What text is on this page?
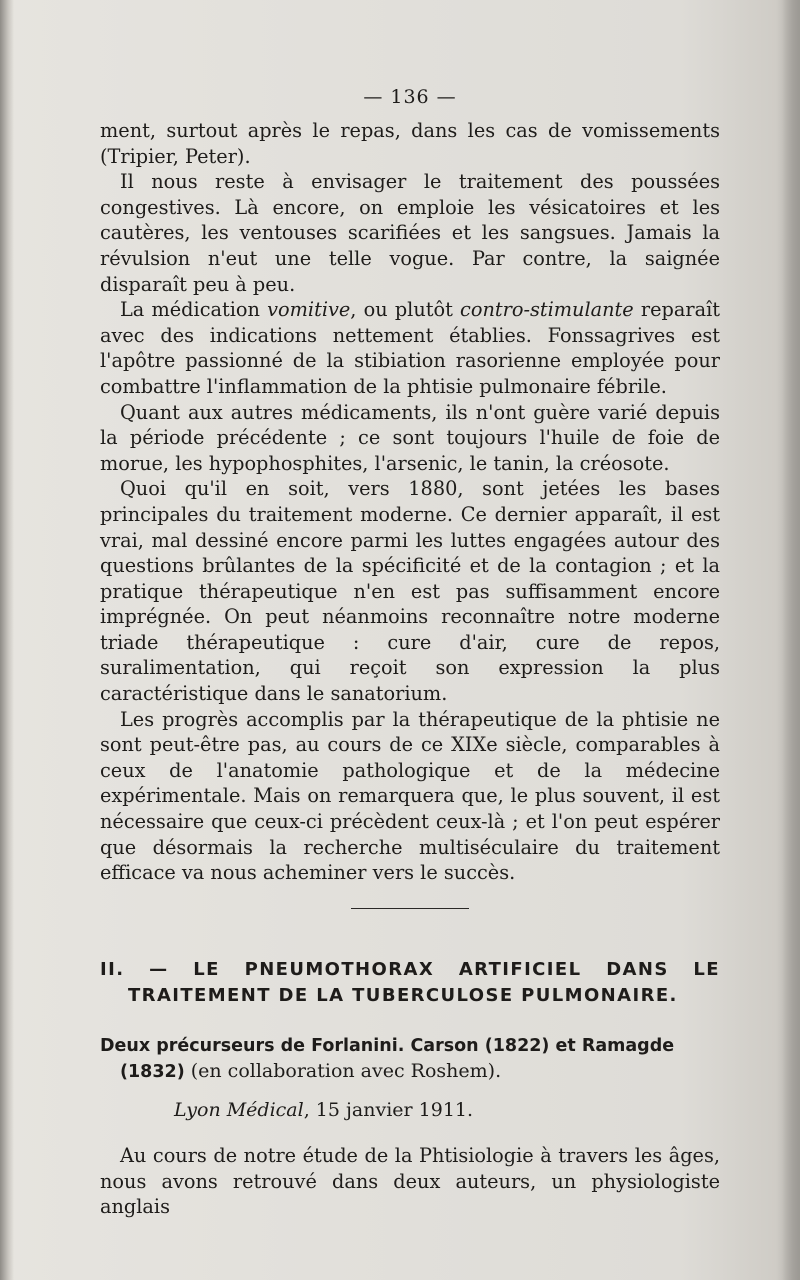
— 136 —

ment, surtout après le repas, dans les cas de vomissements (Tripier, Peter).

Il nous reste à envisager le traitement des poussées congestives. Là encore, on emploie les vésicatoires et les cautères, les ventouses scarifiées et les sangsues. Jamais la révulsion n'eut une telle vogue. Par contre, la saignée disparaît peu à peu.

La médication vomitive, ou plutôt contro-stimulante reparaît avec des indications nettement établies. Fonssagrives est l'apôtre passionné de la stibiation rasorienne employée pour combattre l'inflammation de la phtisie pulmonaire fébrile.

Quant aux autres médicaments, ils n'ont guère varié depuis la période précédente ; ce sont toujours l'huile de foie de morue, les hypophosphites, l'arsenic, le tanin, la créosote.

Quoi qu'il en soit, vers 1880, sont jetées les bases principales du traitement moderne. Ce dernier apparaît, il est vrai, mal dessiné encore parmi les luttes engagées autour des questions brûlantes de la spécificité et de la contagion ; et la pratique thérapeutique n'en est pas suffisamment encore imprégnée. On peut néanmoins reconnaître notre moderne triade thérapeutique : cure d'air, cure de repos, suralimentation, qui reçoit son expression la plus caractéristique dans le sanatorium.

Les progrès accomplis par la thérapeutique de la phtisie ne sont peut-être pas, au cours de ce XIXe siècle, comparables à ceux de l'anatomie pathologique et de la médecine expérimentale. Mais on remarquera que, le plus souvent, il est nécessaire que ceux-ci précèdent ceux-là ; et l'on peut espérer que désormais la recherche multiséculaire du traitement efficace va nous acheminer vers le succès.

II. — LE PNEUMOTHORAX ARTIFICIEL DANS LE TRAITEMENT DE LA TUBERCULOSE PULMONAIRE.
Deux précurseurs de Forlanini. Carson (1822) et Ramagde (1832) (en collaboration avec Roshem).
Lyon Médical, 15 janvier 1911.

Au cours de notre étude de la Phtisiologie à travers les âges, nous avons retrouvé dans deux auteurs, un physiologiste anglais
